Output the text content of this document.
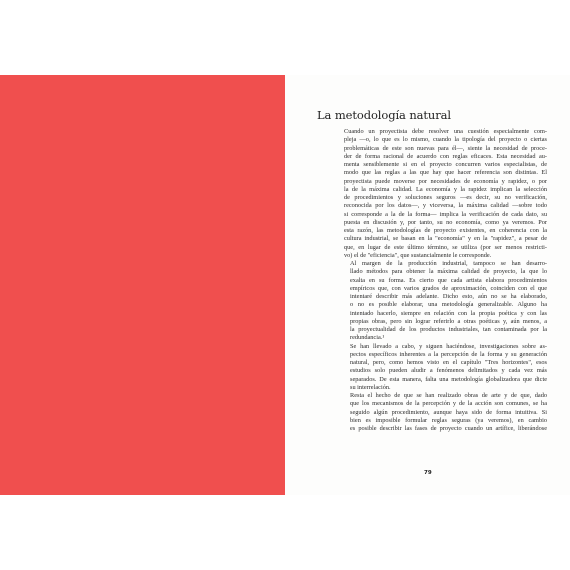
La metodología natural

Cuando un proyectista debe resolver una cuestión especialmente com-
pleja —o, lo que es lo mismo, cuando la tipología del proyecto o ciertas
problemáticas de este son nuevas para él—, siente la necesidad de proce-
der de forma racional de acuerdo con reglas eficaces. Esta necesidad au-
menta sensiblemente si en el proyecto concurren varios especialistas, de
modo que las reglas a las que hay que hacer referencia son distintas. El
proyectista puede moverse por necesidades de economía y rapidez, o por
la de la máxima calidad. La economía y la rapidez implican la selección
de procedimientos y soluciones seguros —es decir, su no verificación,
reconocida por los datos—, y viceversa, la máxima calidad —sobre todo
si corresponde a la de la forma— implica la verificación de cada dato, su
puesta en discusión y, por tanto, su no economía, como ya veremos. Por
esta razón, las metodologías de proyecto existentes, en coherencia con la
cultura industrial, se basan en la "economía" y en la "rapidez", a pesar de
que, en lugar de este último término, se utiliza (por ser menos restricti-
vo) el de "eficiencia", que sustancialmente le corresponde.

Al margen de la producción industrial, tampoco se han desarro-
llado métodos para obtener la máxima calidad de proyecto, la que lo
exalta en su forma. Es cierto que cada artista elabora procedimientos
empíricos que, con varios grados de aproximación, coinciden con el que
intentaré describir más adelante. Dicho esto, aún no se ha elaborado,
o no es posible elaborar, una metodología generalizable. Alguno ha
intentado hacerlo, siempre en relación con la propia poética y con las
propias obras, pero sin lograr referirlo a otras poéticas y, aún menos, a
la proyectualidad de los productos industriales, tan contaminada por la
redundancia.¹

Se han llevado a cabo, y siguen haciéndose, investigaciones sobre as-
pectos específicos inherentes a la percepción de la forma y su generación
natural, pero, como hemos visto en el capítulo "Tres horizontes", esos
estudios solo pueden aludir a fenómenos delimitados y cada vez más
separados. De esta manera, falta una metodología globalizadora que dicte
su interrelación.

Resta el hecho de que se han realizado obras de arte y de que, dado
que los mecanismos de la percepción y de la acción son comunes, se ha
seguido algún procedimiento, aunque haya sido de forma intuitiva. Si
bien es imposible formular reglas seguras (ya veremos), en cambio
es posible describir las fases de proyecto cuando un artífice, liberándose

79
